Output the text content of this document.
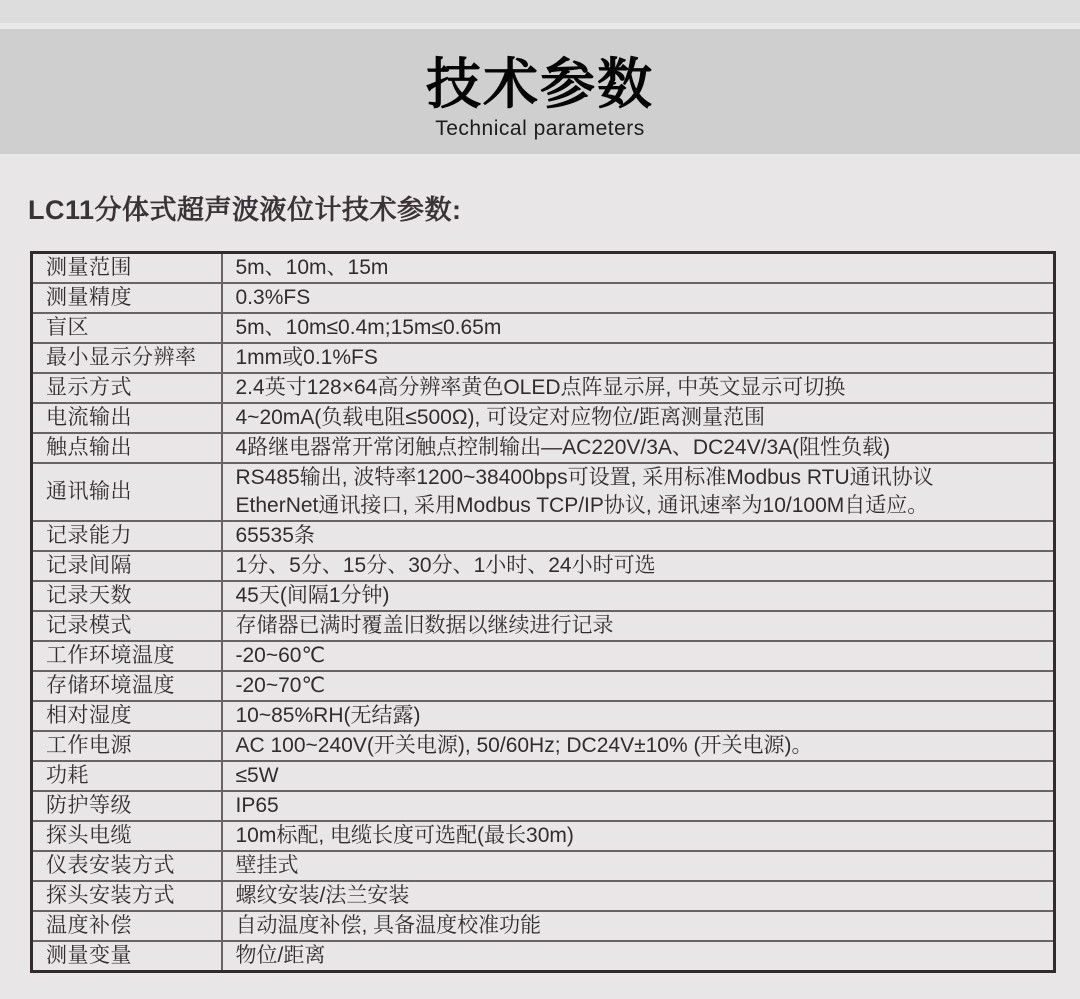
技术参数
Technical parameters
LC11分体式超声波液位计技术参数:
测量范围	5m、10m、15m

测量精度	0.3%FS

盲区	5m、10m≤0.4m;15m≤0.65m

最小显示分辨率	1mm或0.1%FS

显示方式	2.4英寸128×64高分辨率黄色OLED点阵显示屏, 中英文显示可切换

电流输出	4~20mA(负载电阻≤500Ω), 可设定对应物位/距离测量范围

触点输出	4路继电器常开常闭触点控制输出—AC220V/3A、DC24V/3A(阻性负载)

通讯输出	RS485输出, 波特率1200~38400bps可设置, 采用标准Modbus RTU通讯协议
EtherNet通讯接口, 采用Modbus TCP/IP协议, 通讯速率为10/100M自适应。

记录能力	65535条

记录间隔	1分、5分、15分、30分、1小时、24小时可选

记录天数	45天(间隔1分钟)

记录模式	存储器已满时覆盖旧数据以继续进行记录

工作环境温度	-20~60℃

存储环境温度	-20~70℃

相对湿度	10~85%RH(无结露)

工作电源	AC 100~240V(开关电源), 50/60Hz; DC24V±10% (开关电源)。

功耗	≤5W

防护等级	IP65

探头电缆	10m标配, 电缆长度可选配(最长30m)

仪表安装方式	壁挂式

探头安装方式	螺纹安装/法兰安装

温度补偿	自动温度补偿, 具备温度校准功能

测量变量	物位/距离
